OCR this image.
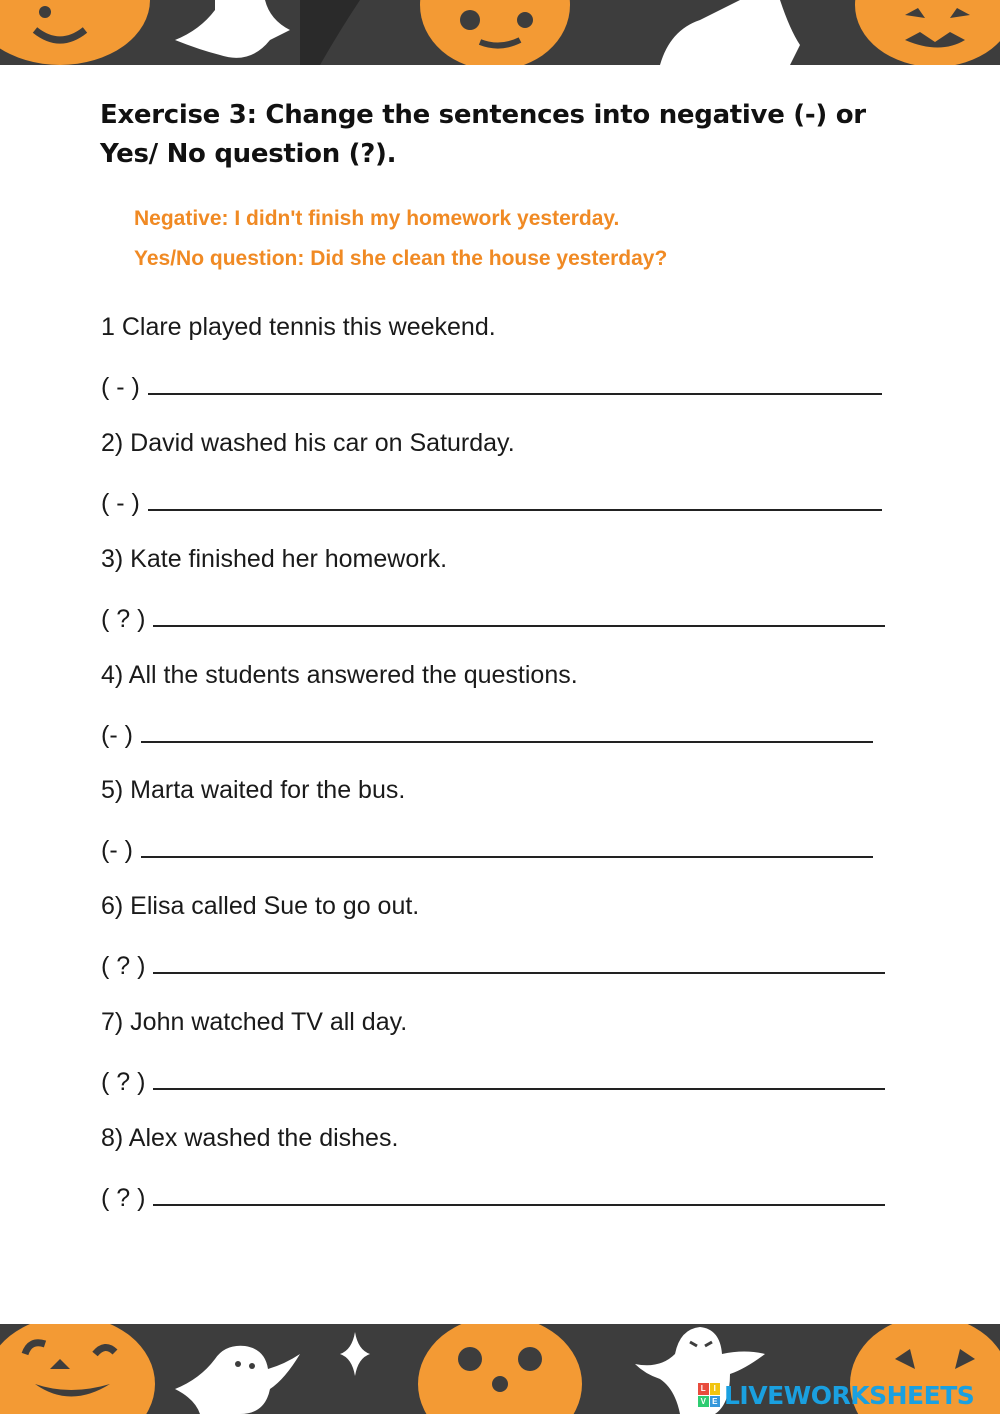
Exercise 3: Change the sentences into negative (-) or Yes/ No question (?).

Negative: I didn't finish my homework yesterday.

Yes/No question: Did she clean the house yesterday?

1 Clare played tennis this weekend.

( - )

2) David washed his car on Saturday.

( - )

3) Kate finished her homework.

( ? )

4) All the students answered the questions.

(- )

5) Marta waited for the bus.

(- )

6) Elisa called Sue to go out.

( ? )

7) John watched TV all day.

( ? )

8) Alex washed the dishes.

( ? )

L I
V E LIVEWORKSHEETS
